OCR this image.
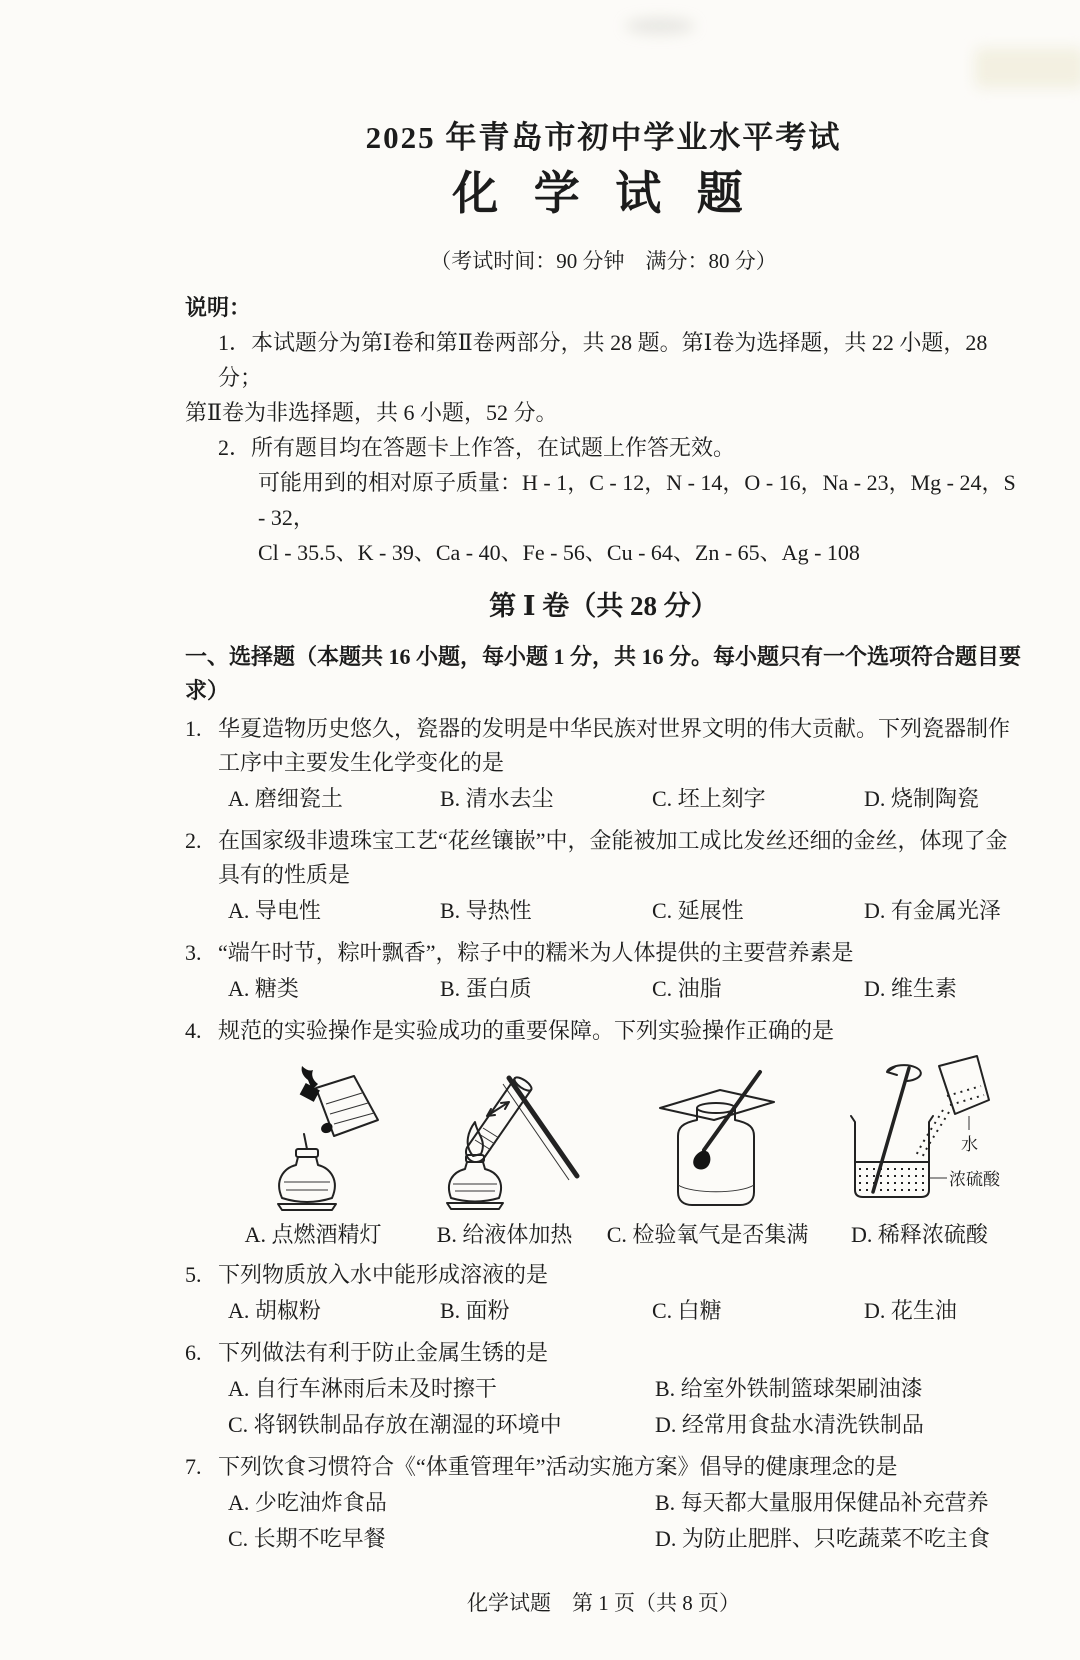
2025 年青岛市初中学业水平考试
化 学 试 题
（考试时间：90 分钟　满分：80 分）
说明：
1．本试题分为第Ⅰ卷和第Ⅱ卷两部分，共 28 题。第Ⅰ卷为选择题，共 22 小题，28 分；
第Ⅱ卷为非选择题，共 6 小题，52 分。
2．所有题目均在答题卡上作答，在试题上作答无效。
可能用到的相对原子质量：H - 1，C - 12，N - 14，O - 16，Na - 23，Mg - 24，S - 32，
Cl - 35.5、K - 39、Ca - 40、Fe - 56、Cu - 64、Zn - 65、Ag - 108
第 Ⅰ 卷（共 28 分）
一、选择题（本题共 16 小题，每小题 1 分，共 16 分。每小题只有一个选项符合题目要求）
1. 华夏造物历史悠久，瓷器的发明是中华民族对世界文明的伟大贡献。下列瓷器制作工序中主要发生化学变化的是
A. 磨细瓷土	B. 清水去尘	C. 坯上刻字	D. 烧制陶瓷
2. 在国家级非遗珠宝工艺“花丝镶嵌”中，金能被加工成比发丝还细的金丝，体现了金具有的性质是
A. 导电性	B. 导热性	C. 延展性	D. 有金属光泽
3. “端午时节，粽叶飘香”，粽子中的糯米为人体提供的主要营养素是
A. 糖类	B. 蛋白质	C. 油脂	D. 维生素
4. 规范的实验操作是实验成功的重要保障。下列实验操作正确的是
A. 点燃酒精灯	B. 给液体加热 C. 检验氧气是否集满
水
浓硫酸
D. 稀释浓硫酸
5. 下列物质放入水中能形成溶液的是
A. 胡椒粉	B. 面粉	C. 白糖	D. 花生油
6. 下列做法有利于防止金属生锈的是
A. 自行车淋雨后未及时擦干	B. 给室外铁制篮球架刷油漆
C. 将钢铁制品存放在潮湿的环境中	D. 经常用食盐水清洗铁制品
7. 下列饮食习惯符合《“体重管理年”活动实施方案》倡导的健康理念的是
A. 少吃油炸食品	B. 每天都大量服用保健品补充营养
C. 长期不吃早餐	D. 为防止肥胖、只吃蔬菜不吃主食
化学试题　第 1 页（共 8 页）
